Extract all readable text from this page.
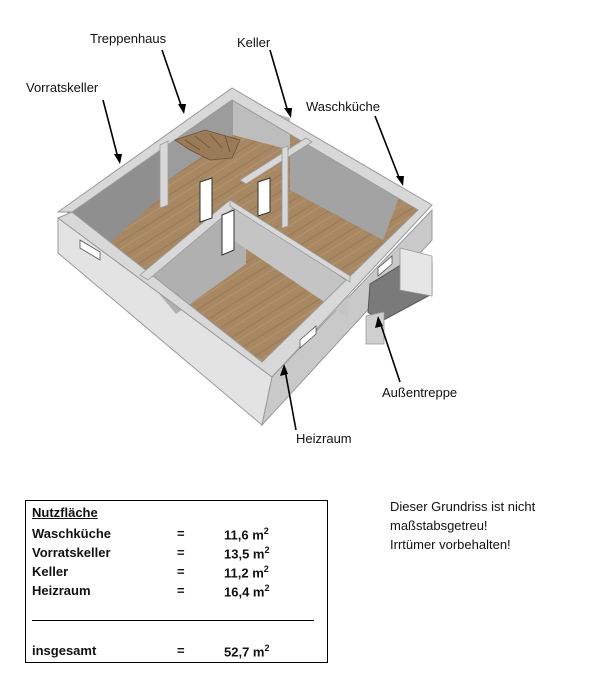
Treppenhaus	Keller
Vorratskeller
Waschküche
Außentreppe
Heizraum
Nutzfläche
Waschküche	=	11,6 $m^2$
Vorratskeller	=	13,5 $m^2$
Keller	=	11,2 $m^2$
Heizraum	=	16,4 $m^2$
insgesamt	=	52,7 $m^2$
Dieser Grundriss ist nicht
maßstabsgetreu!
Irrtümer vorbehalten!
